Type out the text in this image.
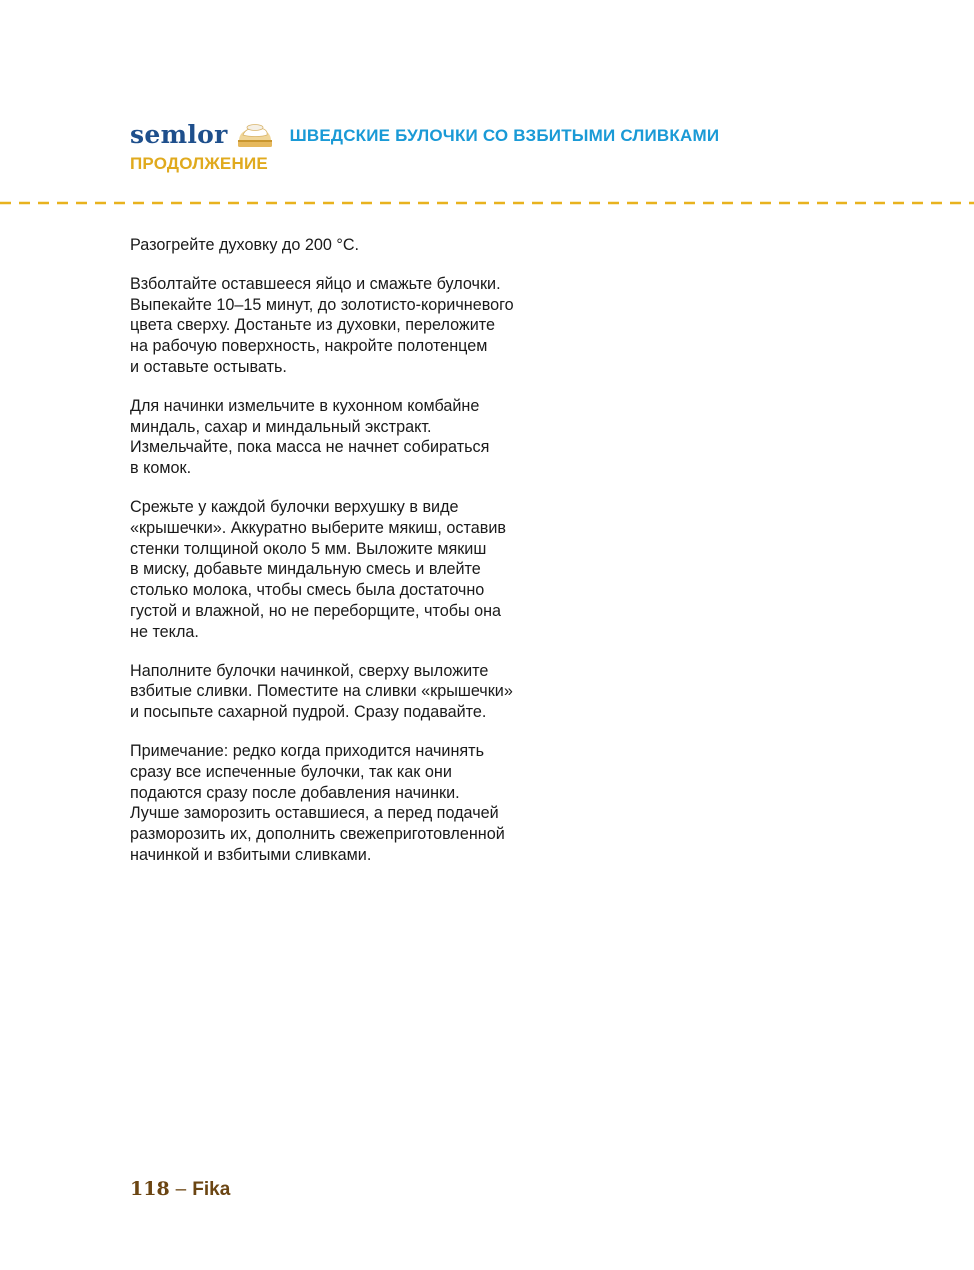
semlor	ШВЕДСКИЕ БУЛОЧКИ СО ВЗБИТЫМИ СЛИВКАМИ
ПРОДОЛЖЕНИЕ

Разогрейте духовку до 200 °С.

Взболтайте оставшееся яйцо и смажьте булочки.
Выпекайте 10–15 минут, до золотисто-коричневого
цвета сверху. Достаньте из духовки, переложите
на рабочую поверхность, накройте полотенцем
и оставьте остывать.

Для начинки измельчите в кухонном комбайне
миндаль, сахар и миндальный экстракт.
Измельчайте, пока масса не начнет собираться
в комок.

Срежьте у каждой булочки верхушку в виде
«крышечки». Аккуратно выберите мякиш, оставив
стенки толщиной около 5 мм. Выложите мякиш
в миску, добавьте миндальную смесь и влейте
столько молока, чтобы смесь была достаточно
густой и влажной, но не переборщите, чтобы она
не текла.

Наполните булочки начинкой, сверху выложите
взбитые сливки. Поместите на сливки «крышечки»
и посыпьте сахарной пудрой. Сразу подавайте.

Примечание: редко когда приходится начинять
сразу все испеченные булочки, так как они
подаются сразу после добавления начинки.
Лучше заморозить оставшиеся, а перед подачей
разморозить их, дополнить свежеприготовленной
начинкой и взбитыми сливками.

118 – Fika
